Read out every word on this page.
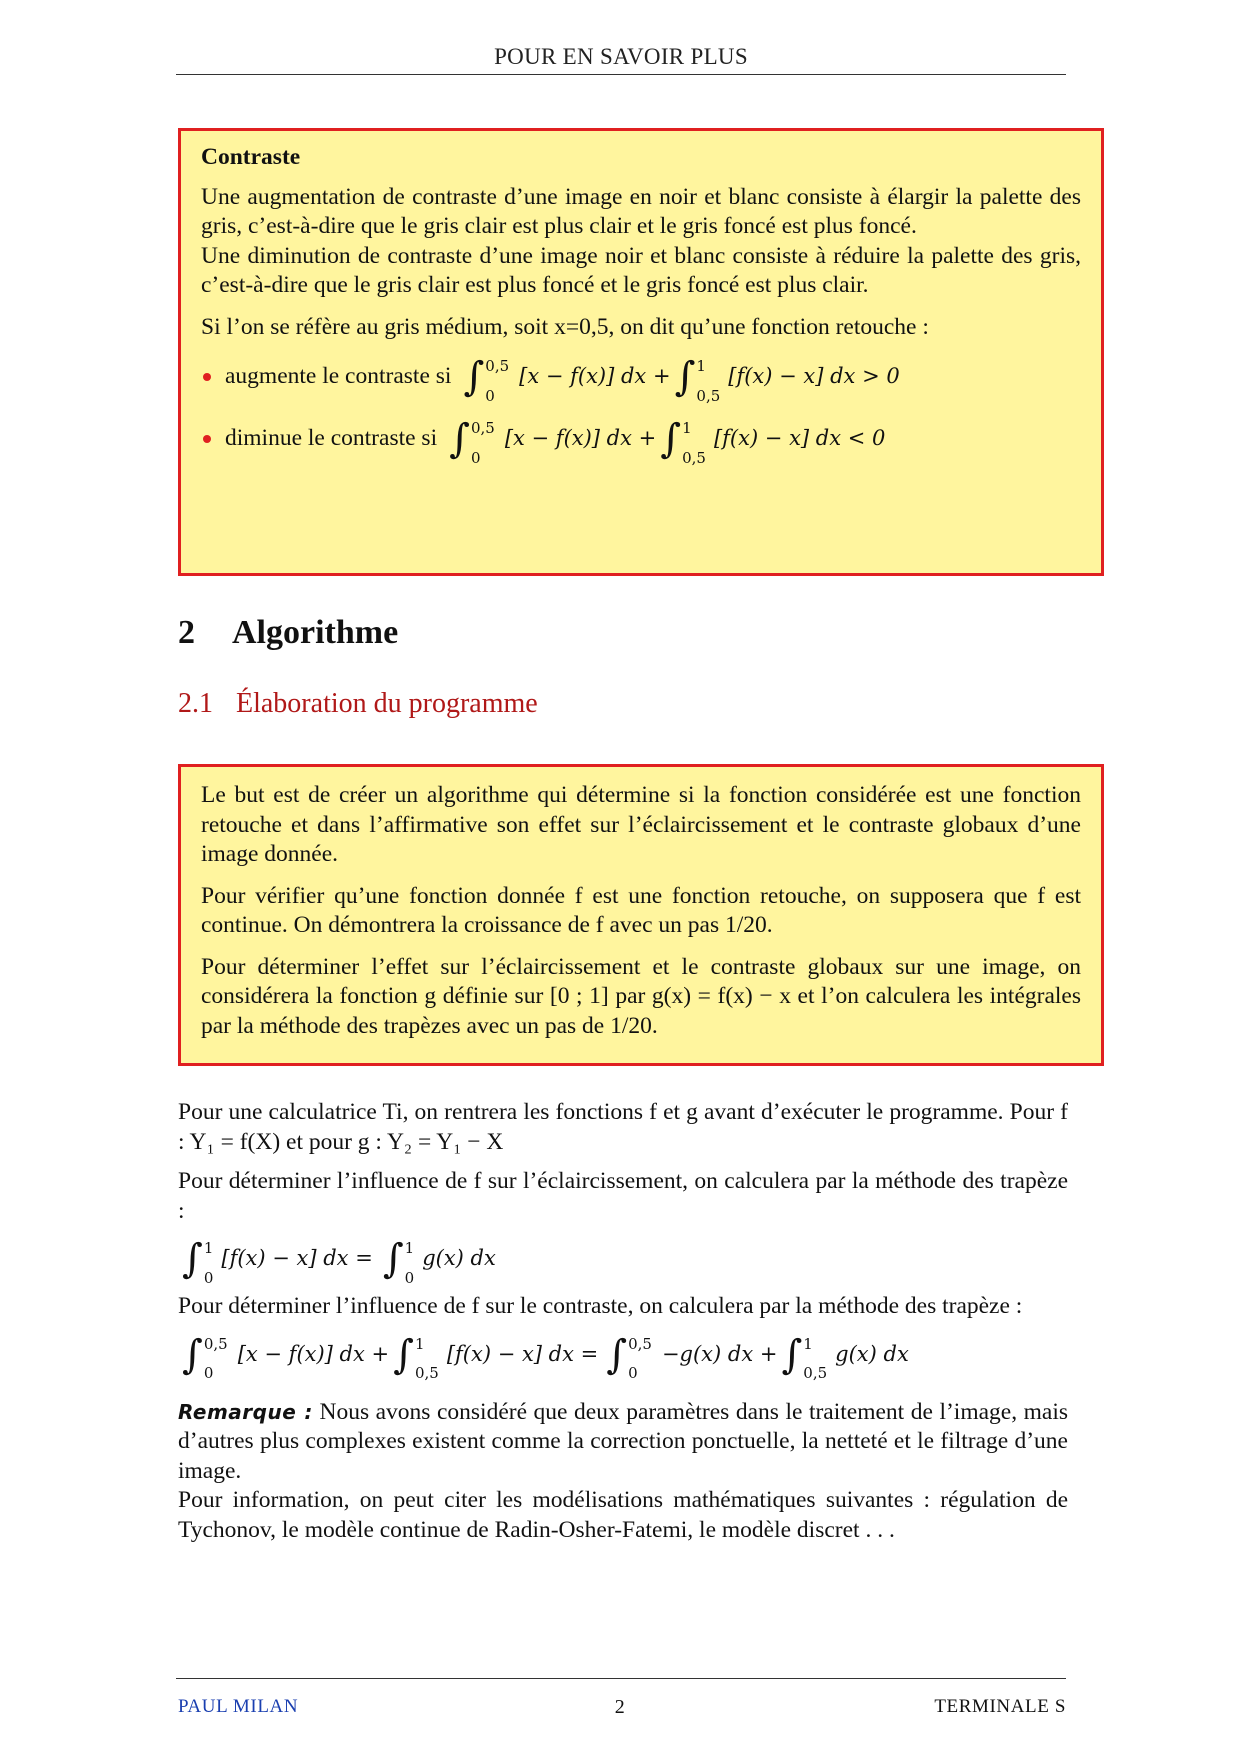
POUR EN SAVOIR PLUS

Contraste

Une augmentation de contraste d’une image en noir et blanc consiste à élargir la palette des gris, c’est-à-dire que le gris clair est plus clair et le gris foncé est plus foncé.

Une diminution de contraste d’une image noir et blanc consiste à réduire la palette des gris, c’est-à-dire que le gris clair est plus foncé et le gris foncé est plus clair.

Si l’on se réfère au gris médium, soit x=0,5, on dit qu’une fonction retouche :

augmente le contraste si ∫ 0,5
0
[x − f(x)] dx + ∫ 1
0,5
[f(x) − x] dx > 0
diminue le contraste si ∫ 0,5
0
[x − f(x)] dx + ∫ 1
0,5
[f(x) − x] dx < 0
2 Algorithme
2.1 Élaboration du programme

Le but est de créer un algorithme qui détermine si la fonction considérée est une fonction retouche et dans l’affirmative son effet sur l’éclaircissement et le contraste globaux d’une image donnée.

Pour vérifier qu’une fonction donnée f est une fonction retouche, on supposera que f est continue. On démontrera la croissance de f avec un pas 1/20.

Pour déterminer l’effet sur l’éclaircissement et le contraste globaux sur une image, on considérera la fonction g définie sur [0 ; 1] par g(x) = f(x) − x et l’on calculera les intégrales par la méthode des trapèzes avec un pas de 1/20.

Pour une calculatrice Ti, on rentrera les fonctions f et g avant d’exécuter le programme. Pour f : Y₁ = f(X) et pour g : Y₂ = Y₁ − X

Pour déterminer l’influence de f sur l’éclaircissement, on calculera par la méthode des trapèze :

∫ 1
0
[f(x) − x] dx = ∫ 1
0
g(x) dx

Pour déterminer l’influence de f sur le contraste, on calculera par la méthode des trapèze :

∫ 0,5
0
[x − f(x)] dx + ∫ 1
0,5
[f(x) − x] dx = ∫ 0,5
0
−g(x) dx + ∫ 1
0,5
g(x) dx

Remarque : Nous avons considéré que deux paramètres dans le traitement de l’image, mais d’autres plus complexes existent comme la correction ponctuelle, la netteté et le filtrage d’une image.

Pour information, on peut citer les modélisations mathématiques suivantes : régulation de Tychonov, le modèle continue de Radin-Osher-Fatemi, le modèle discret . . .

PAUL MILAN	2	TERMINALE S
